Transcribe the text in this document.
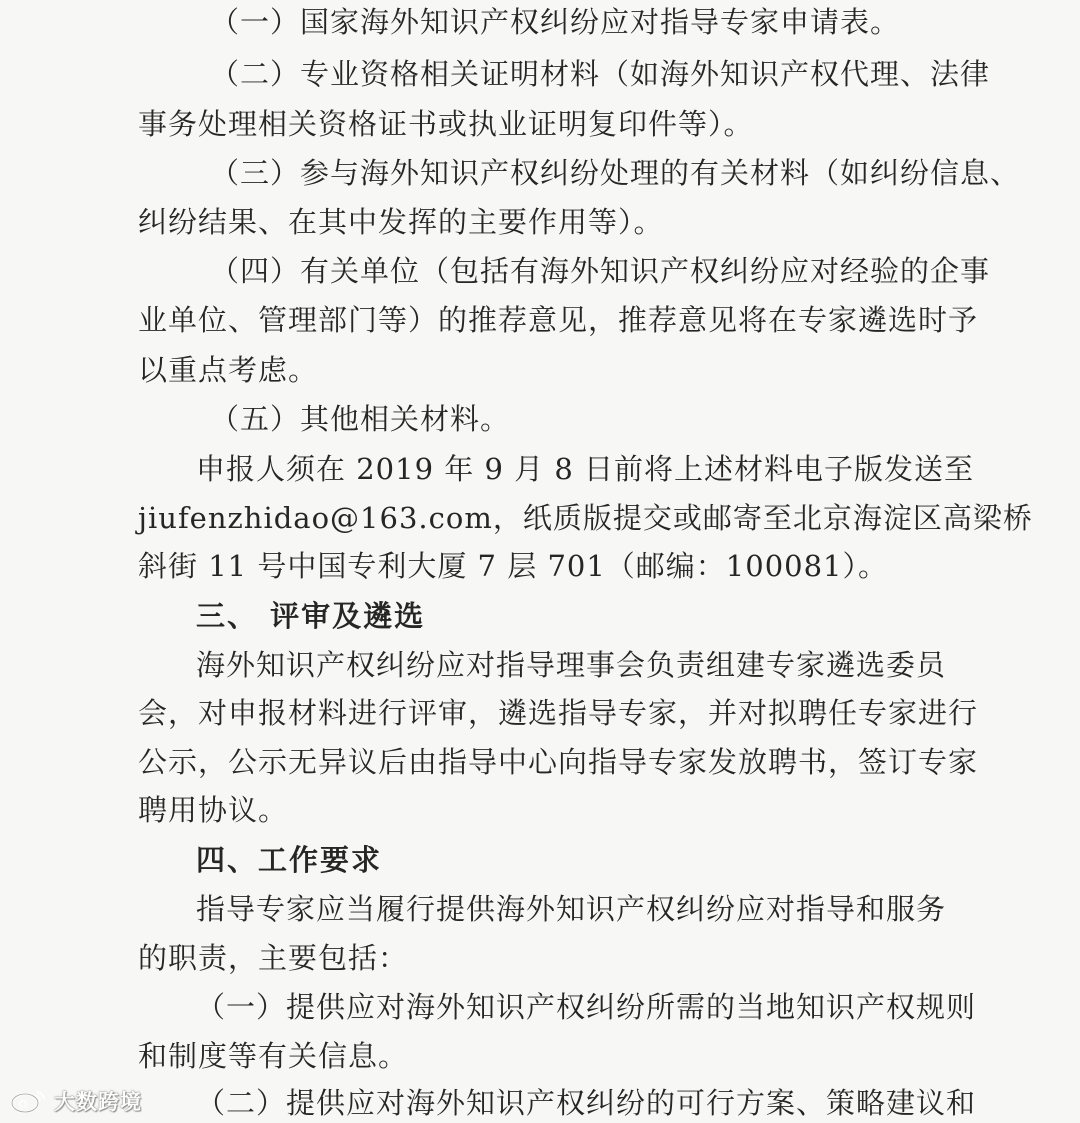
（一）国家海外知识产权纠纷应对指导专家申请表。
（二）专业资格相关证明材料（如海外知识产权代理、法律
事务处理相关资格证书或执业证明复印件等）。
（三）参与海外知识产权纠纷处理的有关材料（如纠纷信息、
纠纷结果、在其中发挥的主要作用等）。
（四）有关单位（包括有海外知识产权纠纷应对经验的企事
业单位、管理部门等）的推荐意见，推荐意见将在专家遴选时予
以重点考虑。
（五）其他相关材料。
申报人须在 2019 年 9 月 8 日前将上述材料电子版发送至
jiufenzhidao@163.com，纸质版提交或邮寄至北京海淀区高梁桥
斜街 11 号中国专利大厦 7 层 701（邮编：100081）。
三、 评审及遴选
海外知识产权纠纷应对指导理事会负责组建专家遴选委员
会，对申报材料进行评审，遴选指导专家，并对拟聘任专家进行
公示，公示无异议后由指导中心向指导专家发放聘书，签订专家
聘用协议。
四、工作要求
指导专家应当履行提供海外知识产权纠纷应对指导和服务
的职责，主要包括：
（一）提供应对海外知识产权纠纷所需的当地知识产权规则
和制度等有关信息。
（二）提供应对海外知识产权纠纷的可行方案、策略建议和
大数跨境
